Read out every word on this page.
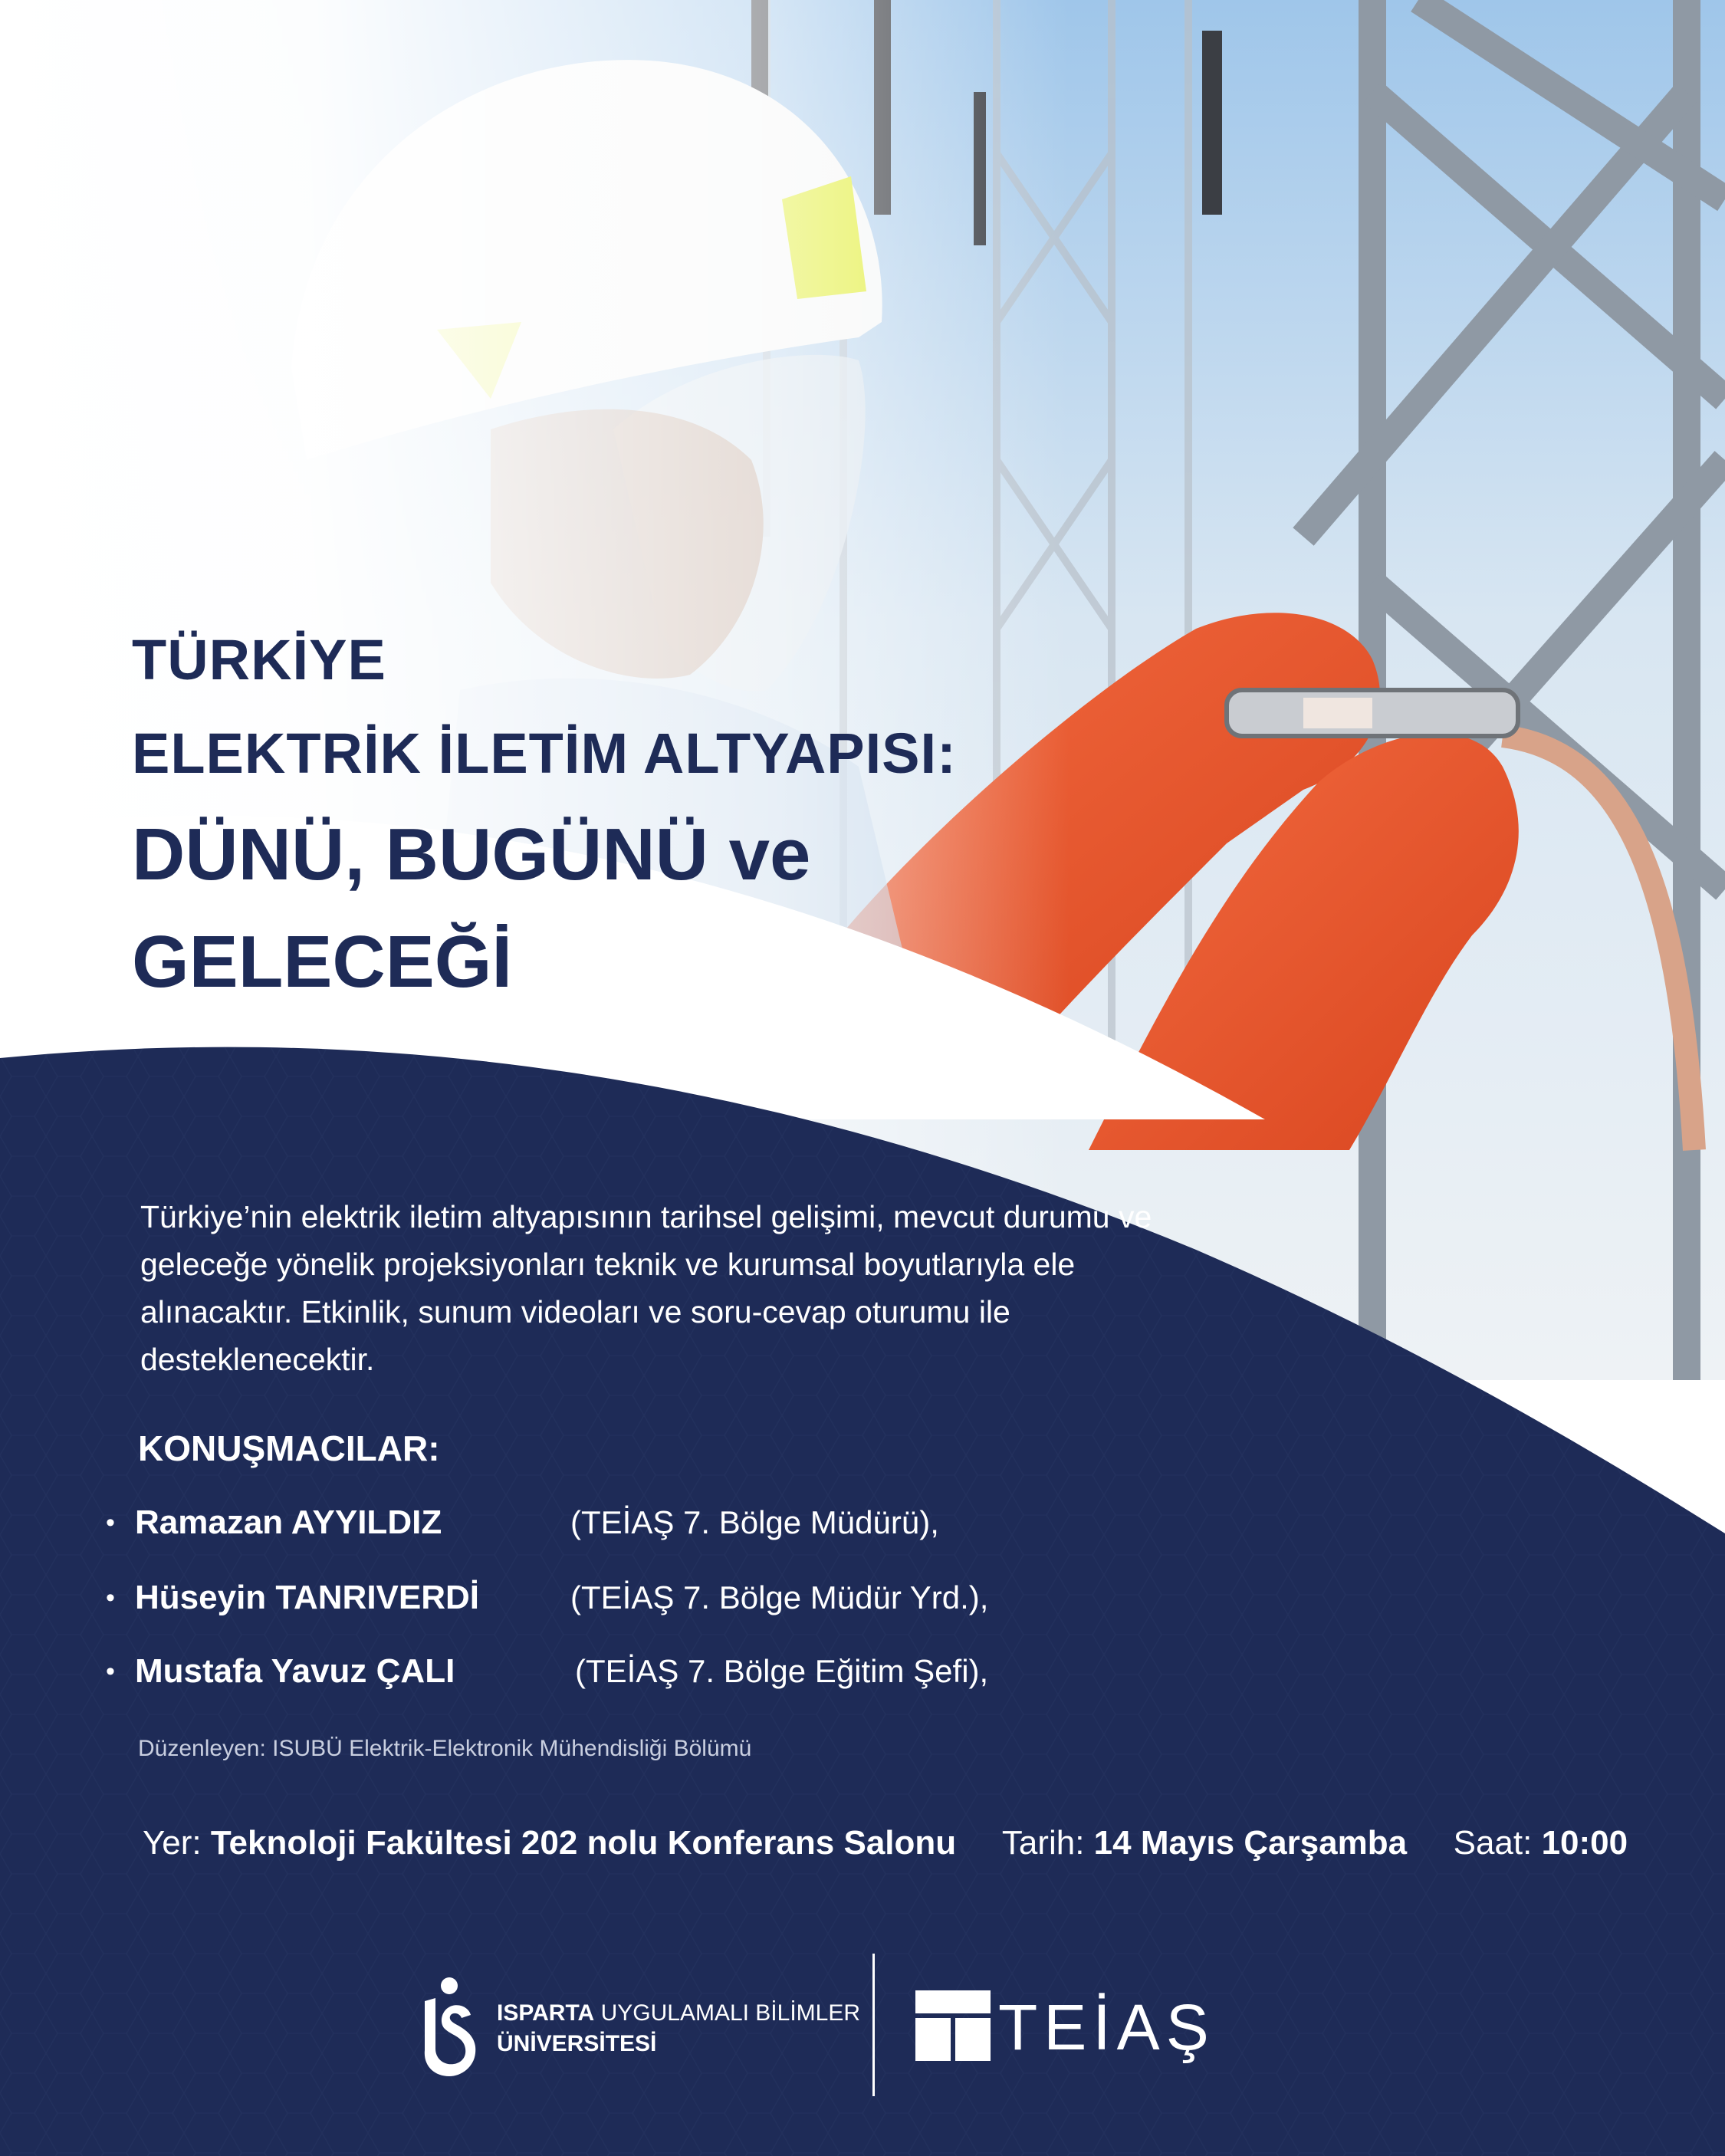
TÜRKİYE
ELEKTRİK İLETİM ALTYAPISI:
DÜNÜ, BUGÜNÜ ve
GELECEĞİ

Türkiye’nin elektrik iletim altyapısının tarihsel gelişimi, mevcut durumu ve geleceğe yönelik projeksiyonları teknik ve kurumsal boyutlarıyla ele alınacaktır. Etkinlik, sunum videoları ve soru-cevap oturumu ile desteklenecektir.

KONUŞMACILAR:
• Ramazan AYYILDIZ	(TEİAŞ 7. Bölge Müdürü),
• Hüseyin TANRIVERDİ	(TEİAŞ 7. Bölge Müdür Yrd.),
• Mustafa Yavuz ÇALI	(TEİAŞ 7. Bölge Eğitim Şefi),

Düzenleyen: ISUBÜ Elektrik-Elektronik Mühendisliği Bölümü

Yer: Teknoloji Fakültesi 202 nolu Konferans Salonu Tarih: 14 Mayıs Çarşamba Saat: 10:00
ISPARTA UYGULAMALI BİLİMLER
ÜNİVERSİTESİ	TEİAŞ
